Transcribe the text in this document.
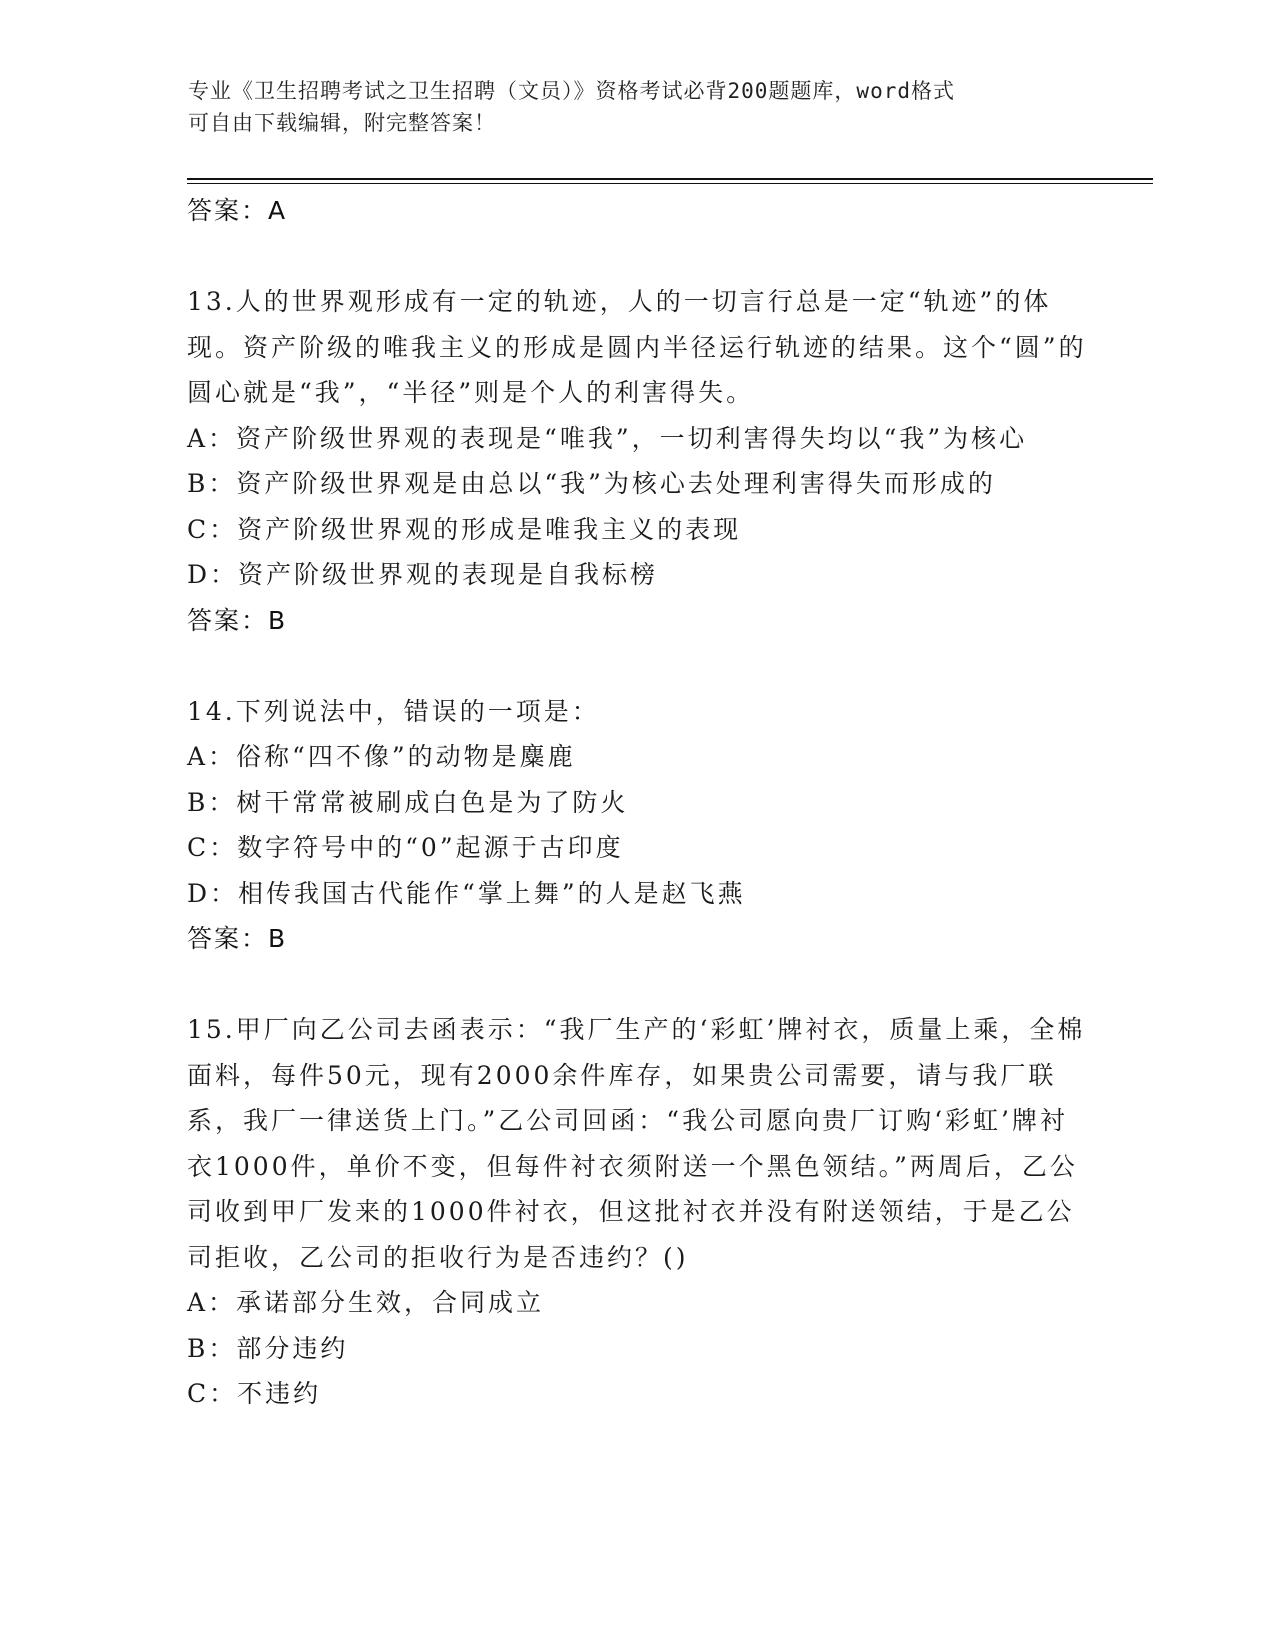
专业《卫生招聘考试之卫生招聘（文员）》资格考试必背200题题库，word格式
可自由下载编辑，附完整答案！

答案：A

13.人的世界观形成有一定的轨迹，人的一切言行总是一定“轨迹”的体现。资产阶级的唯我主义的形成是圆内半径运行轨迹的结果。这个“圆”的圆心就是“我”，“半径”则是个人的利害得失。

A：资产阶级世界观的表现是“唯我”，一切利害得失均以“我”为核心

B：资产阶级世界观是由总以“我”为核心去处理利害得失而形成的

C：资产阶级世界观的形成是唯我主义的表现

D：资产阶级世界观的表现是自我标榜

答案：B

14.下列说法中，错误的一项是：

A：俗称“四不像”的动物是麋鹿

B：树干常常被刷成白色是为了防火

C：数字符号中的“0”起源于古印度

D：相传我国古代能作“掌上舞”的人是赵飞燕

答案：B

15.甲厂向乙公司去函表示：“我厂生产的‘彩虹’牌衬衣，质量上乘，全棉面料，每件50元，现有2000余件库存，如果贵公司需要，请与我厂联系，我厂一律送货上门。”乙公司回函：“我公司愿向贵厂订购‘彩虹’牌衬衣1000件，单价不变，但每件衬衣须附送一个黑色领结。”两周后，乙公司收到甲厂发来的1000件衬衣，但这批衬衣并没有附送领结，于是乙公司拒收，乙公司的拒收行为是否违约？()

A：承诺部分生效，合同成立

B：部分违约

C：不违约
